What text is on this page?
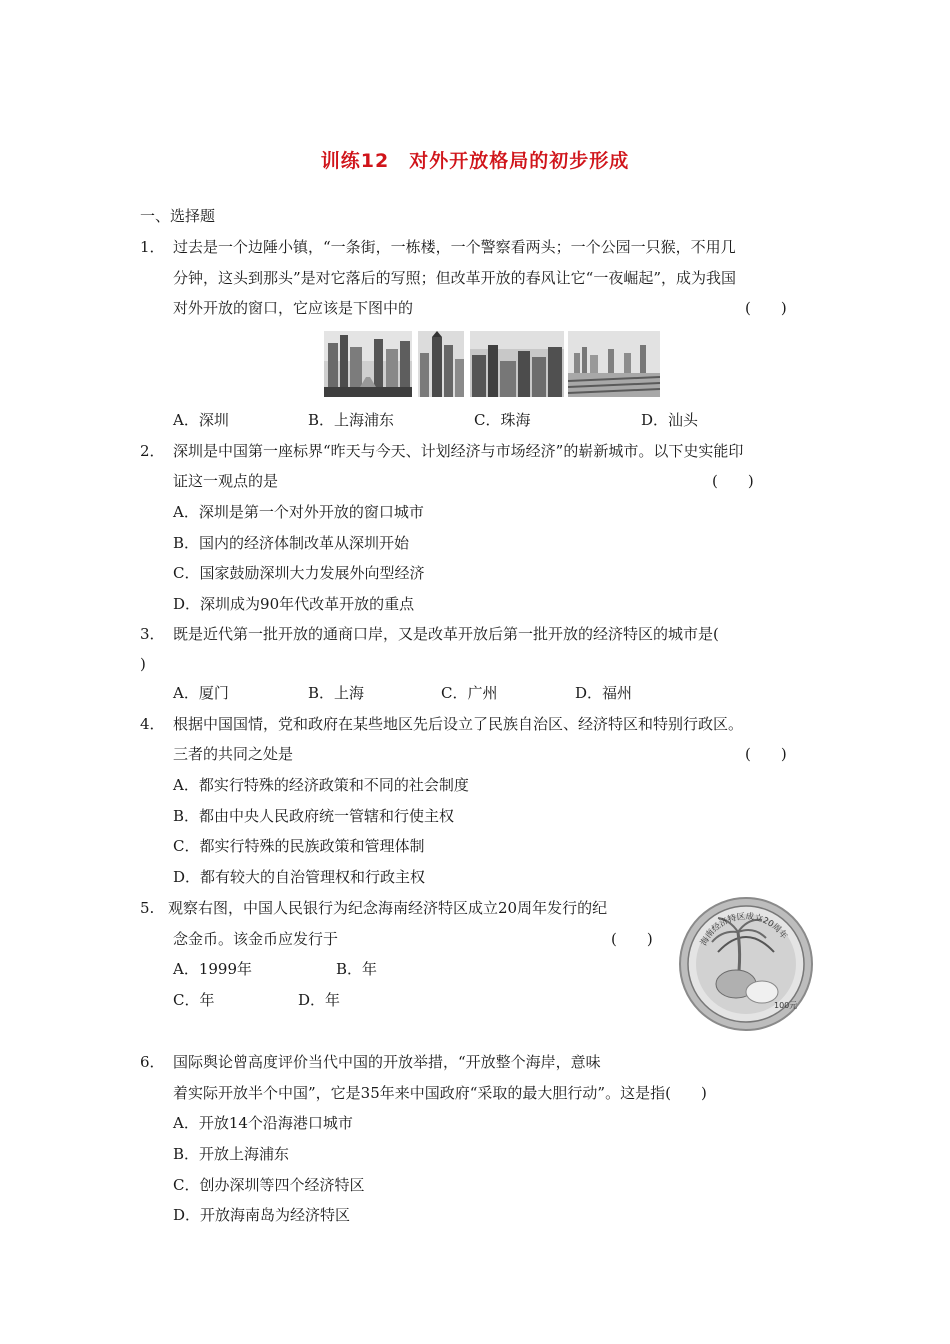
训练12　对外开放格局的初步形成
一、选择题
1． 过去是一个边陲小镇，“一条街，一栋楼，一个警察看两头；一个公园一只猴，不用几
分钟，这头到那头”是对它落后的写照；但改革开放的春风让它“一夜崛起”，成为我国
对外开放的窗口，它应该是下图中的	(　　)
A．深圳	B．上海浦东	C．珠海	D．汕头
2． 深圳是中国第一座标界“昨天与今天、计划经济与市场经济”的崭新城市。以下史实能印
证这一观点的是	(　　)
A．深圳是第一个对外开放的窗口城市
B．国内的经济体制改革从深圳开始
C．国家鼓励深圳大力发展外向型经济
D．深圳成为90年代改革开放的重点
3． 既是近代第一批开放的通商口岸，又是改革开放后第一批开放的经济特区的城市是(
)
A．厦门	B．上海	C．广州	D．福州
4． 根据中国国情，党和政府在某些地区先后设立了民族自治区、经济特区和特别行政区。
三者的共同之处是	(　　)
A．都实行特殊的经济政策和不同的社会制度
B．都由中央人民政府统一管辖和行使主权
C．都实行特殊的民族政策和管理体制
D．都有较大的自治管理权和行政主权
5. 观察右图，中国人民银行为纪念海南经济特区成立20周年发行的纪
念金币。该金币应发行于	(　　)
A．1999年	B．年
C．年	D．年
海南经济特区成立20周年
100元
6． 国际舆论曾高度评价当代中国的开放举措，“开放整个海岸，意味
着实际开放半个中国”，它是35年来中国政府“采取的最大胆行动”。这是指(　　)
A．开放14个沿海港口城市
B．开放上海浦东
C．创办深圳等四个经济特区
D．开放海南岛为经济特区
